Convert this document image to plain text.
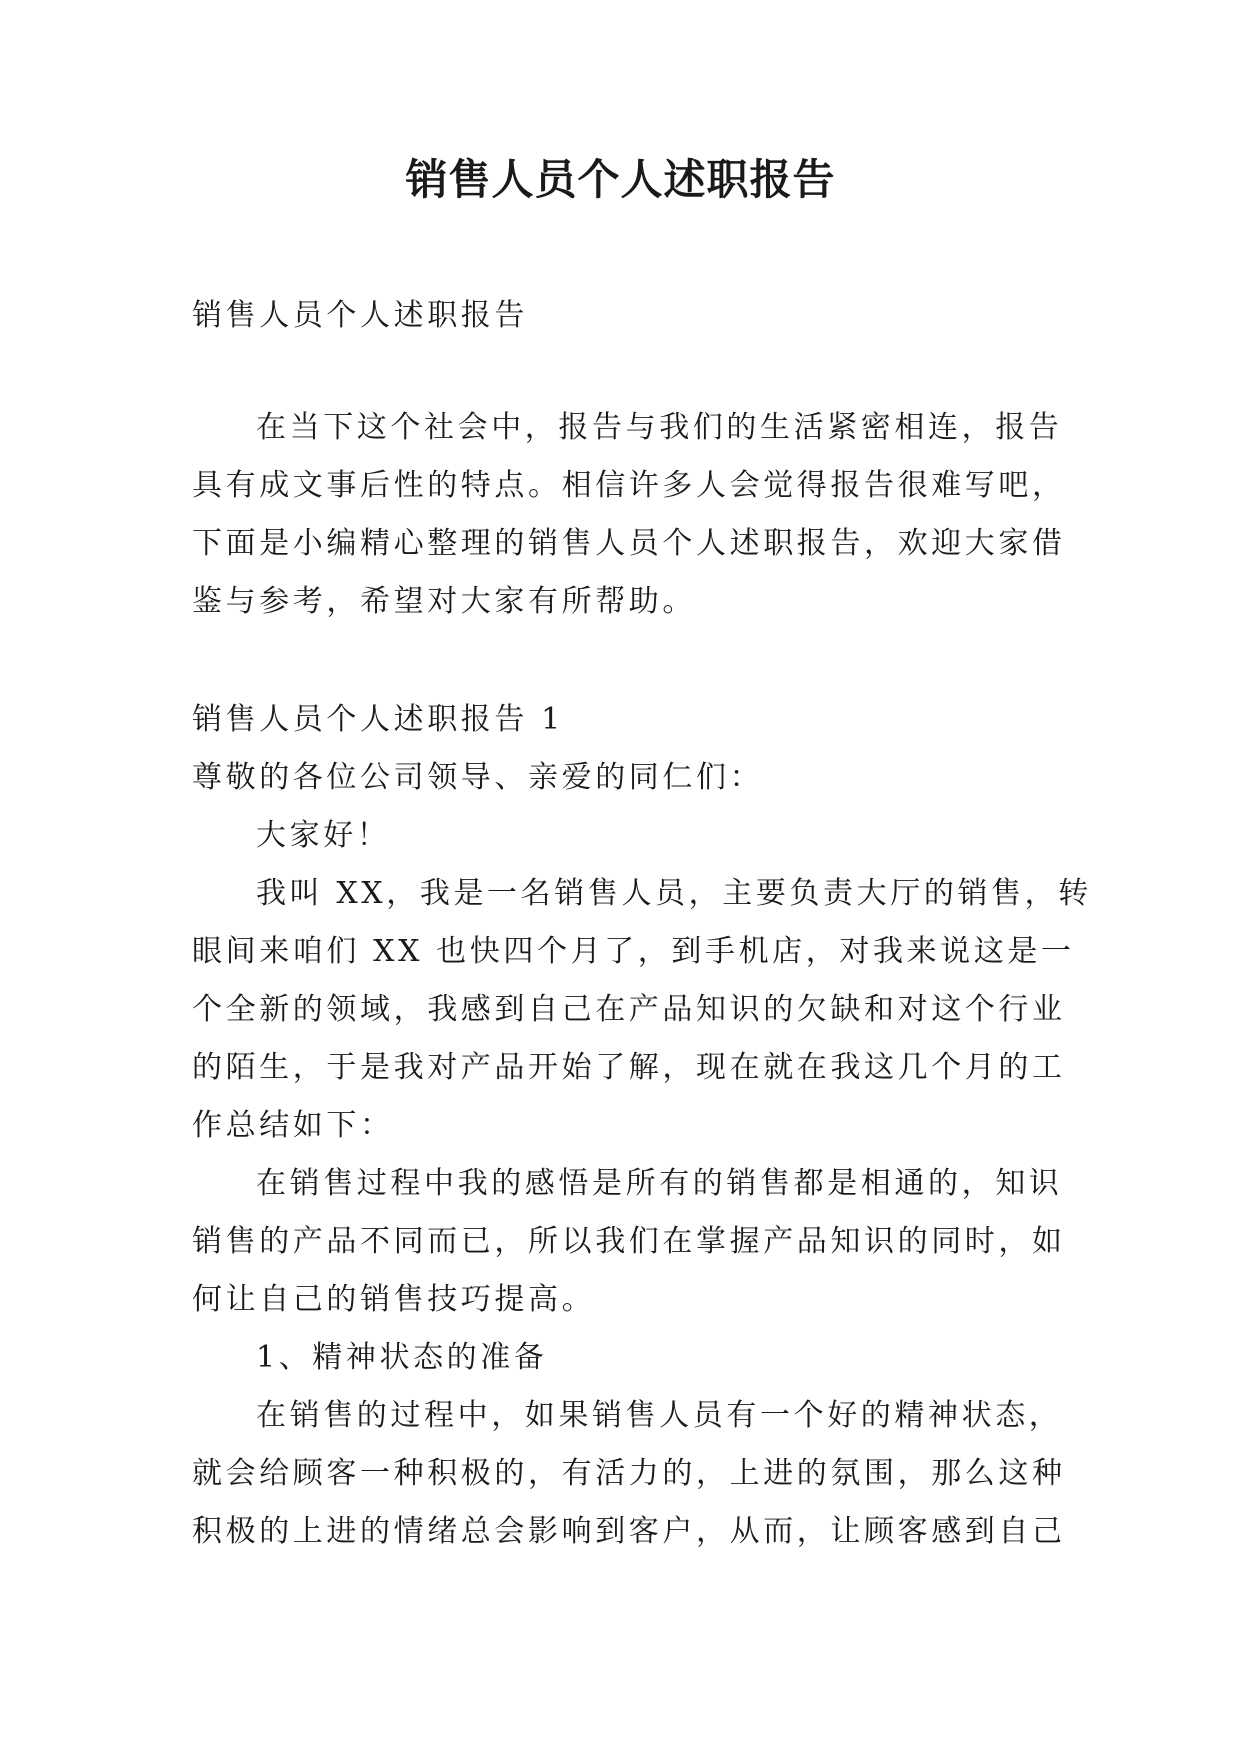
销售人员个人述职报告
销售人员个人述职报告
在当下这个社会中，报告与我们的生活紧密相连，报告
具有成文事后性的特点。相信许多人会觉得报告很难写吧，
下面是小编精心整理的销售人员个人述职报告，欢迎大家借
鉴与参考，希望对大家有所帮助。
销售人员个人述职报告 1
尊敬的各位公司领导、亲爱的同仁们：
大家好！
我叫 XX，我是一名销售人员，主要负责大厅的销售，转
眼间来咱们 XX 也快四个月了，到手机店，对我来说这是一
个全新的领域，我感到自己在产品知识的欠缺和对这个行业
的陌生，于是我对产品开始了解，现在就在我这几个月的工
作总结如下：
在销售过程中我的感悟是所有的销售都是相通的，知识
销售的产品不同而已，所以我们在掌握产品知识的同时，如
何让自己的销售技巧提高。
1、精神状态的准备
在销售的过程中，如果销售人员有一个好的精神状态，
就会给顾客一种积极的，有活力的，上进的氛围，那么这种
积极的上进的情绪总会影响到客户，从而，让顾客感到自己
